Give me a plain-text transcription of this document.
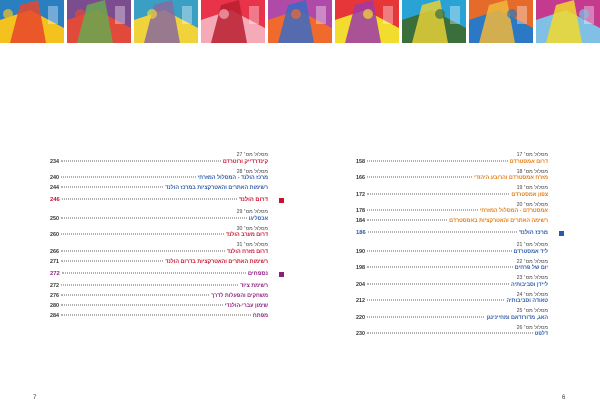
מסלול מס׳ 27
קינדרדייק ורוטרדם
234
מסלול מס׳ 28
מרכז הולנד - המסלול המזרחי
240
רשימות האתרים והאטרקציות במרכז הולנד
244
דרום הולנד
246
מסלול מס׳ 29
אכסליגו
250
מסלול מס׳ 30
דרום מערב הולנד
260
מסלול מס׳ 31
דרום מזרח הולנד
266
רשימות האתרים והאטרקציות בדרום הולנד
271
נספחים
272
רשימת ציוד
272
משחקים והפעלות לדרך
276
שימון עברי-הולנדי
280
מפתח
284
מסלול מס׳ 17
דרום אמסטרדם
158
מסלול מס׳ 18
מזרח אמסטרדם והרובע היהודי
166
מסלול מס׳ 19
צפון אמסטרדם
172
מסלול מס׳ 20
אמסטרדם - המסלול המזרחי
178
רשימה האתרים והאטרקציות באמסטרדם
184
מרכז הולנד
186
מסלול מס׳ 21
ליד אמסטרדם
190
מסלול מס׳ 22
יום של פרחים
198
מסלול מס׳ 23
ליידן וסביבותיה
204
מסלול מס׳ 24
טאודה וסביבותיה
212
מסלול מס׳ 25
האג, מדורודאם ומחיינינגן
220
מסלול מס׳ 26
דלפט
230
7	6
